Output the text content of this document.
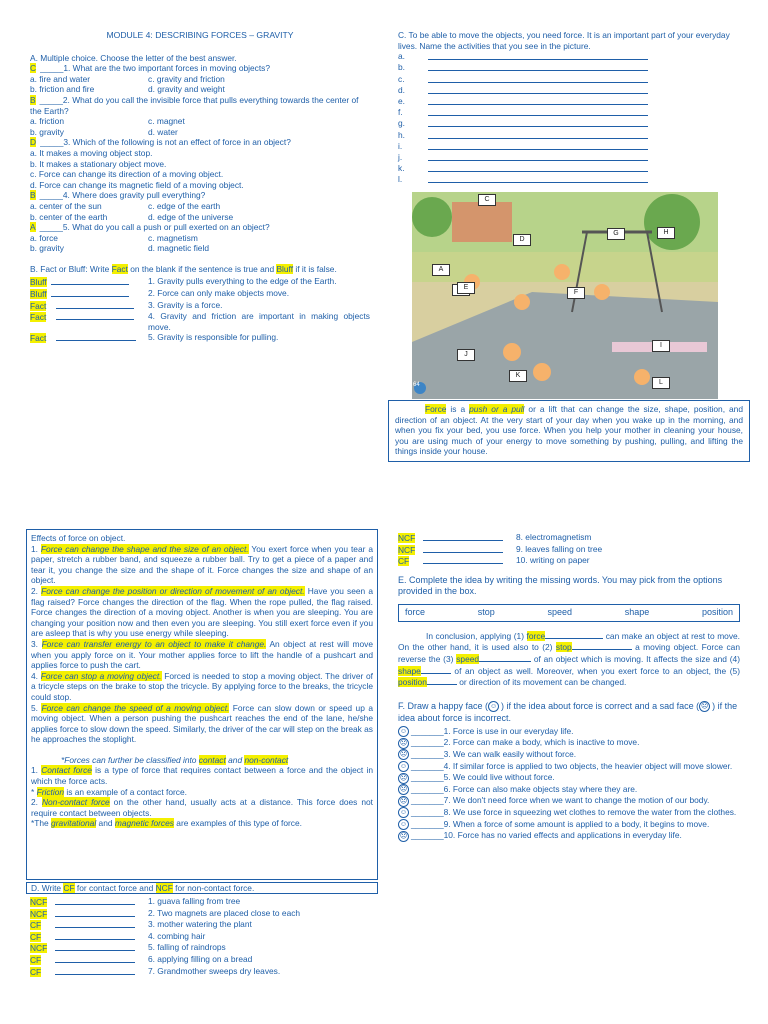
MODULE 4: DESCRIBING FORCES – GRAVITY
A. Multiple choice. Choose the letter of the best answer.
C _____1. What are the two important forces in moving objects?
a. fire and water	c. gravity and friction
b. friction and fire	d. gravity and weight
B _____2. What do you call the invisible force that pulls everything towards the center of the Earth?
a. friction	c. magnet
b. gravity	d. water
D _____3. Which of the following is not an effect of force in an object?
a. It makes a moving object stop.
b. It makes a stationary object move.
c. Force can change its direction of a moving object.
d. Force can change its magnetic field of a moving object.
B _____4. Where does gravity pull everything?
a. center of the sun	c. edge of the earth
b. center of the earth	d. edge of the universe
A _____5. What do you call a push or pull exerted on an object?
a. force	c. magnetism
b. gravity	d. magnetic field
B. Fact or Bluff: Write Fact on the blank if the sentence is true and Bluff if it is false.
Bluff	1. Gravity pulls everything to the edge of the Earth.
Bluff	2. Force can only make objects move.
Fact	3. Gravity is a force.
Fact	4. Gravity and friction are important in making objects move.
Fact	5. Gravity is responsible for pulling.
C. To be able to move the objects, you need force. It is an important part of your everyday lives. Name the activities that you see in the picture.
a.
b.
c.
d.
e.
f.
g.
h.
i.
j.
k.
l.
A
C
D
E
F
G	H
I
J
K
L
64
Force is a push or a pull or a lift that can change the size, shape, position, and direction of an object. At the very start of your day when you wake up in the morning, and when you fix your bed, you use force. When you help your mother in cleaning your house, you are using much of your energy to move something by pushing, pulling, and lifting the things inside your house.
Effects of force on object.
1. Force can change the shape and the size of an object. You exert force when you tear a paper, stretch a rubber band, and squeeze a rubber ball. Try to get a piece of a paper and tear it, you change the size and the shape of it. Force changes the size and shape of an object.
2. Force can change the position or direction of movement of an object. Have you seen a flag raised? Force changes the direction of the flag. When the rope pulled, the flag raised. Force changes the direction of a moving object. Another is when you are sleeping. You are changing your position now and then even you are sleeping. You still exert force even if you are asleep that is why you use energy while sleeping.
3. Force can transfer energy to an object to make it change. An object at rest will move when you apply force on it. Your mother applies force to lift the handle of a pushcart and applies force to push the cart.
4. Force can stop a moving object. Forced is needed to stop a moving object. The driver of a tricycle steps on the brake to stop the tricycle. By applying force to the breaks, the tricycle could stop.
5. Force can change the speed of a moving object. Force can slow down or speed up a moving object. When a person pushing the pushcart reaches the end of the lane, he/she applies force to slow down the speed. Similarly, the driver of the car will step on the break as he approaches the stoplight.
*Forces can further be classified into contact and non-contact
1. Contact force is a type of force that requires contact between a force and the object in which the force acts.
* Friction is an example of a contact force.
2. Non-contact force on the other hand, usually acts at a distance. This force does not require contact between objects.
*The gravitational and magnetic forces are examples of this type of force.
D. Write CF for contact force and NCF for non-contact force.
NCF	1. guava falling from tree
NCF	2. Two magnets are placed close to each
CF	3. mother watering the plant
CF	4. combing hair
NCF	5. falling of raindrops
CF	6. applying filling on a bread
CF	7. Grandmother sweeps dry leaves.
NCF	8. electromagnetism
NCF	9. leaves falling on tree
CF	10. writing on paper
E. Complete the idea by writing the missing words. You may pick from the options provided in the box.
force	stop	speed	shape	position
In conclusion, applying (1) force	can make an object at rest to move. On the other hand, it is used also to (2) stop	a moving object. Force can reverse the (3) speed	of an object which is moving. It affects the size and (4) shape	of an object as well. Moreover, when you exert force to an object, the (5) position	or direction of its movement can be changed.
F. Draw a happy face ( ☺ ) if the idea about force is correct and a sad face ( ☹ ) if the idea about force is incorrect.
☺ _______1. Force is use in our everyday life.
☹ _______2. Force can make a body, which is inactive to move.
☹ _______3. We can walk easily without force.
☺ _______4. If similar force is applied to two objects, the heavier object will move slower.
☹ _______5. We could live without force.
☹ _______6. Force can also make objects stay where they are.
☹ _______7. We don't need force when we want to change the motion of our body.
☺ _______8. We use force in squeezing wet clothes to remove the water from the clothes.
☺ _______9. When a force of some amount is applied to a body, it begins to move.
☹ _______10. Force has no varied effects and applications in everyday life.
